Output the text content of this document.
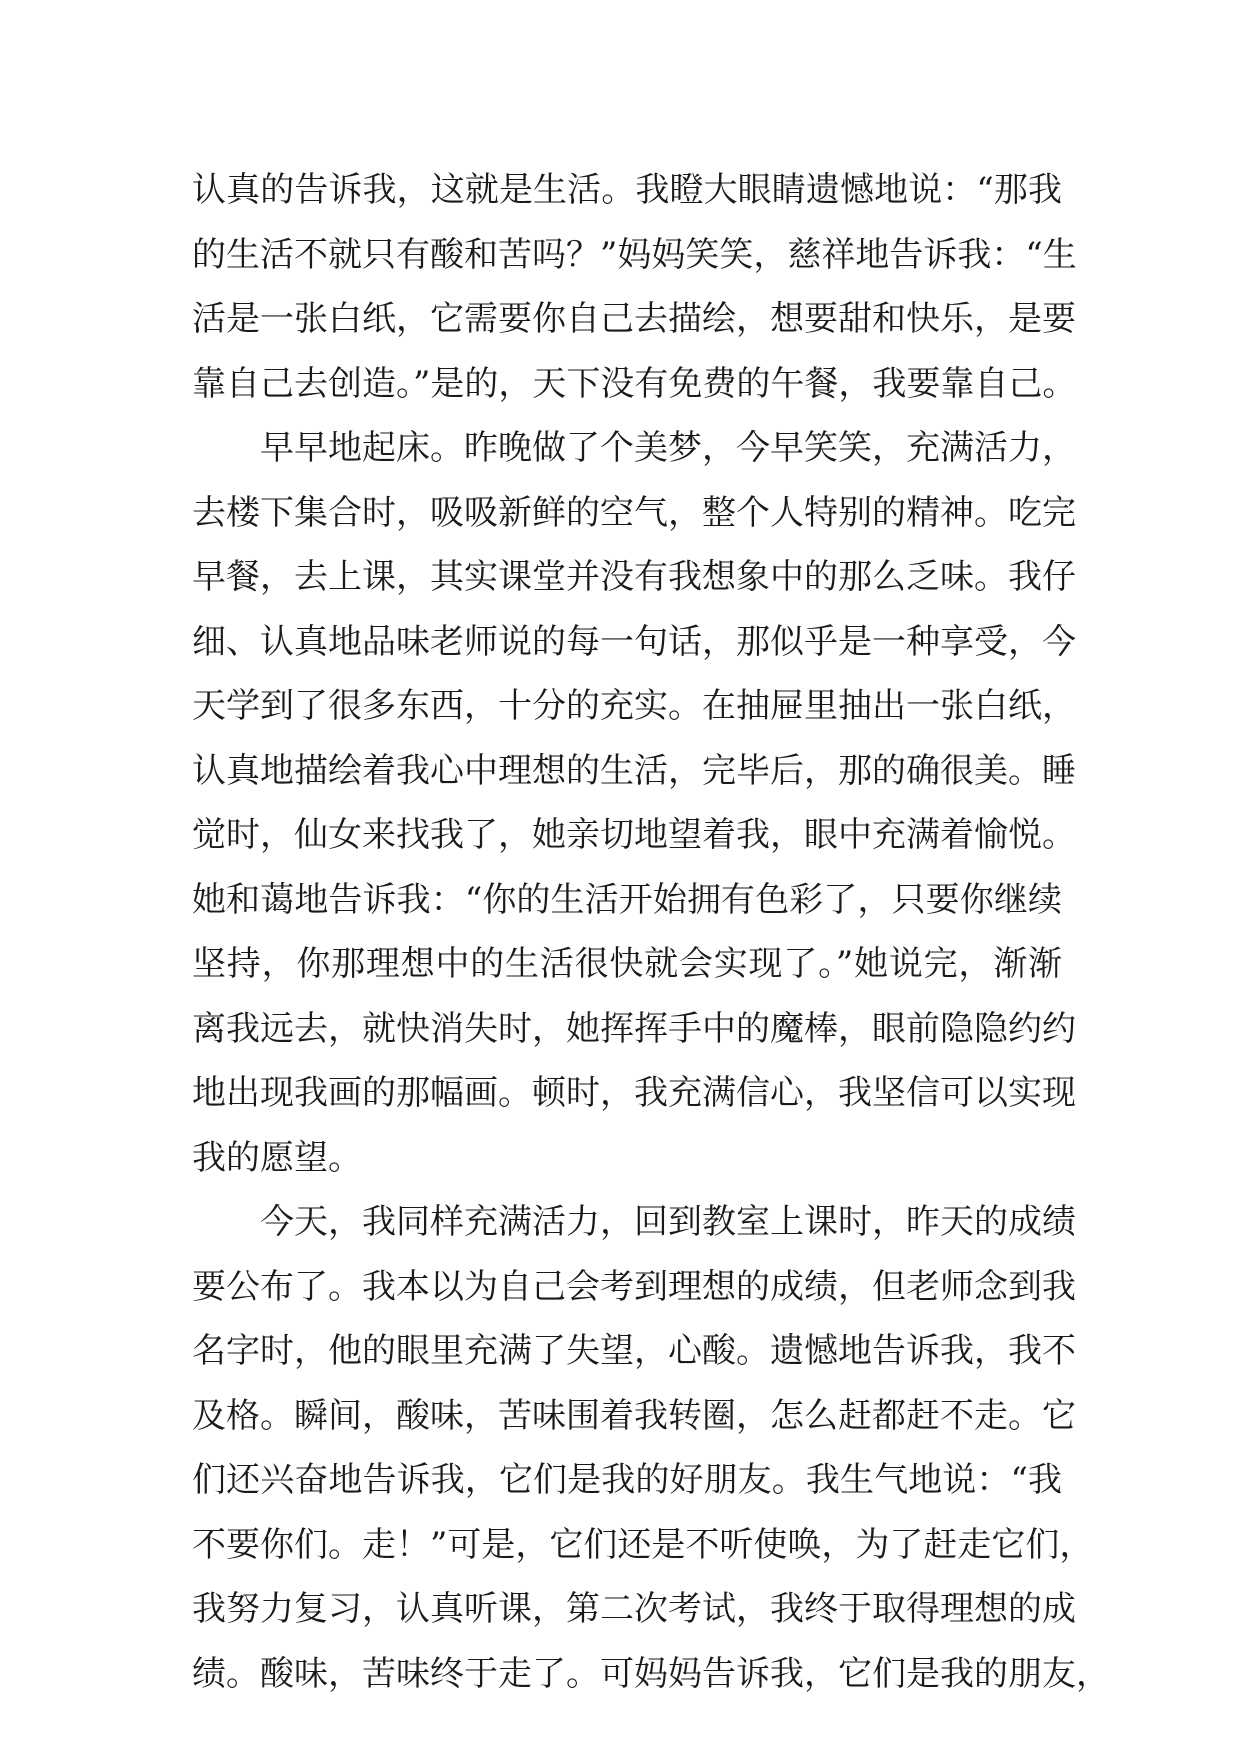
认真的告诉我，这就是生活。我瞪大眼睛遗憾地说：“那我
的生活不就只有酸和苦吗？”妈妈笑笑，慈祥地告诉我：“生
活是一张白纸，它需要你自己去描绘，想要甜和快乐，是要
靠自己去创造。”是的，天下没有免费的午餐，我要靠自己。
　　早早地起床。昨晚做了个美梦，今早笑笑，充满活力，
去楼下集合时，吸吸新鲜的空气，整个人特别的精神。吃完
早餐，去上课，其实课堂并没有我想象中的那么乏味。我仔
细、认真地品味老师说的每一句话，那似乎是一种享受，今
天学到了很多东西，十分的充实。在抽屉里抽出一张白纸，
认真地描绘着我心中理想的生活，完毕后，那的确很美。睡
觉时，仙女来找我了，她亲切地望着我，眼中充满着愉悦。
她和蔼地告诉我：“你的生活开始拥有色彩了，只要你继续
坚持，你那理想中的生活很快就会实现了。”她说完，渐渐
离我远去，就快消失时，她挥挥手中的魔棒，眼前隐隐约约
地出现我画的那幅画。顿时，我充满信心，我坚信可以实现
我的愿望。
　　今天，我同样充满活力，回到教室上课时，昨天的成绩
要公布了。我本以为自己会考到理想的成绩，但老师念到我
名字时，他的眼里充满了失望，心酸。遗憾地告诉我，我不
及格。瞬间，酸味，苦味围着我转圈，怎么赶都赶不走。它
们还兴奋地告诉我，它们是我的好朋友。我生气地说：“我
不要你们。走！”可是，它们还是不听使唤，为了赶走它们，
我努力复习，认真听课，第二次考试，我终于取得理想的成
绩。酸味，苦味终于走了。可妈妈告诉我，它们是我的朋友，
